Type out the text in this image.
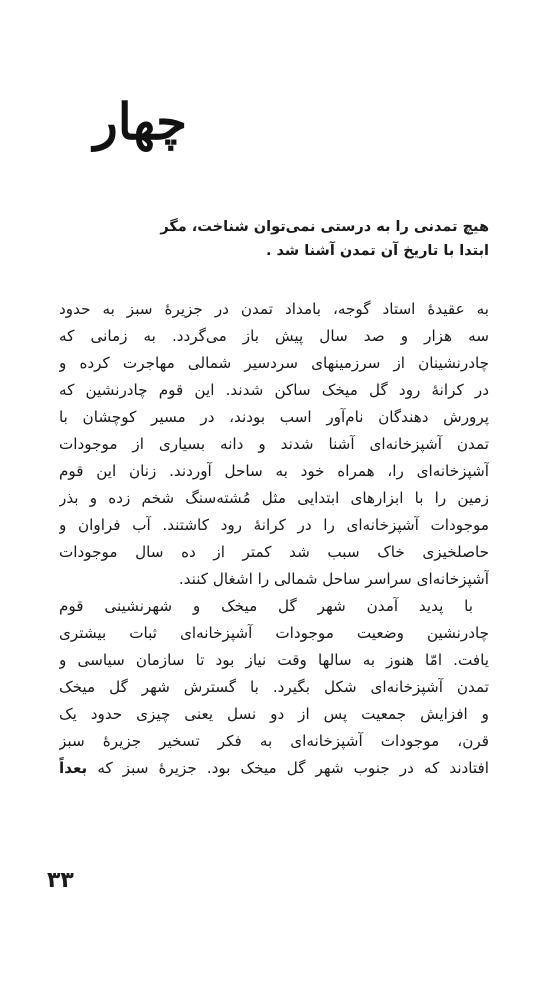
چهار
هیچ تمدنی را به درستی نمی‌توان شناخت، مگر
ابتدا با تاریخ آن تمدن آشنا شد .
به عقیدهٔ استاد گوجه، بامداد تمدن در جزیرهٔ سبز به حدود
سه هزار و صد سال پیش باز می‌گردد. به زمانی که
چادرنشینان از سرزمینهای سردسیر شمالی مهاجرت کرده و
در کرانهٔ رود گل میخک ساکن شدند. این قوم چادرنشین که
پرورش دهندگان نام‌آور اسب بودند، در مسیر کوچشان با
تمدن آشپزخانه‌ای آشنا شدند و دانه بسیاری از موجودات
آشپزخانه‌ای را، همراه خود به ساحل آوردند. زنان این قوم
زمین را با ابزارهای ابتدایی مثل مُشته‌سنگ شخم زده و بذر
موجودات آشپزخانه‌ای را در کرانهٔ رود کاشتند. آب فراوان و
حاصلخیزی خاک سبب شد کمتر از ده سال موجودات
آشپزخانه‌ای سراسر ساحل شمالی را اشغال کنند.
با پدید آمدن شهر گل میخک و شهرنشینی قوم
چادرنشین وضعیت موجودات آشپزخانه‌ای ثبات بیشتری
یافت. امّا هنوز به سالها وقت نیاز بود تا سازمان سیاسی و
تمدن آشپزخانه‌ای شکل بگیرد. با گسترش شهر گل میخک
و افزایش جمعیت پس از دو نسل یعنی چیزی حدود یک
قرن، موجودات آشپزخانه‌ای به فکر تسخیر جزیرهٔ سبز
افتادند که در جنوب شهر گل میخک بود. جزیرهٔ سبز که بعداً
۳۳
